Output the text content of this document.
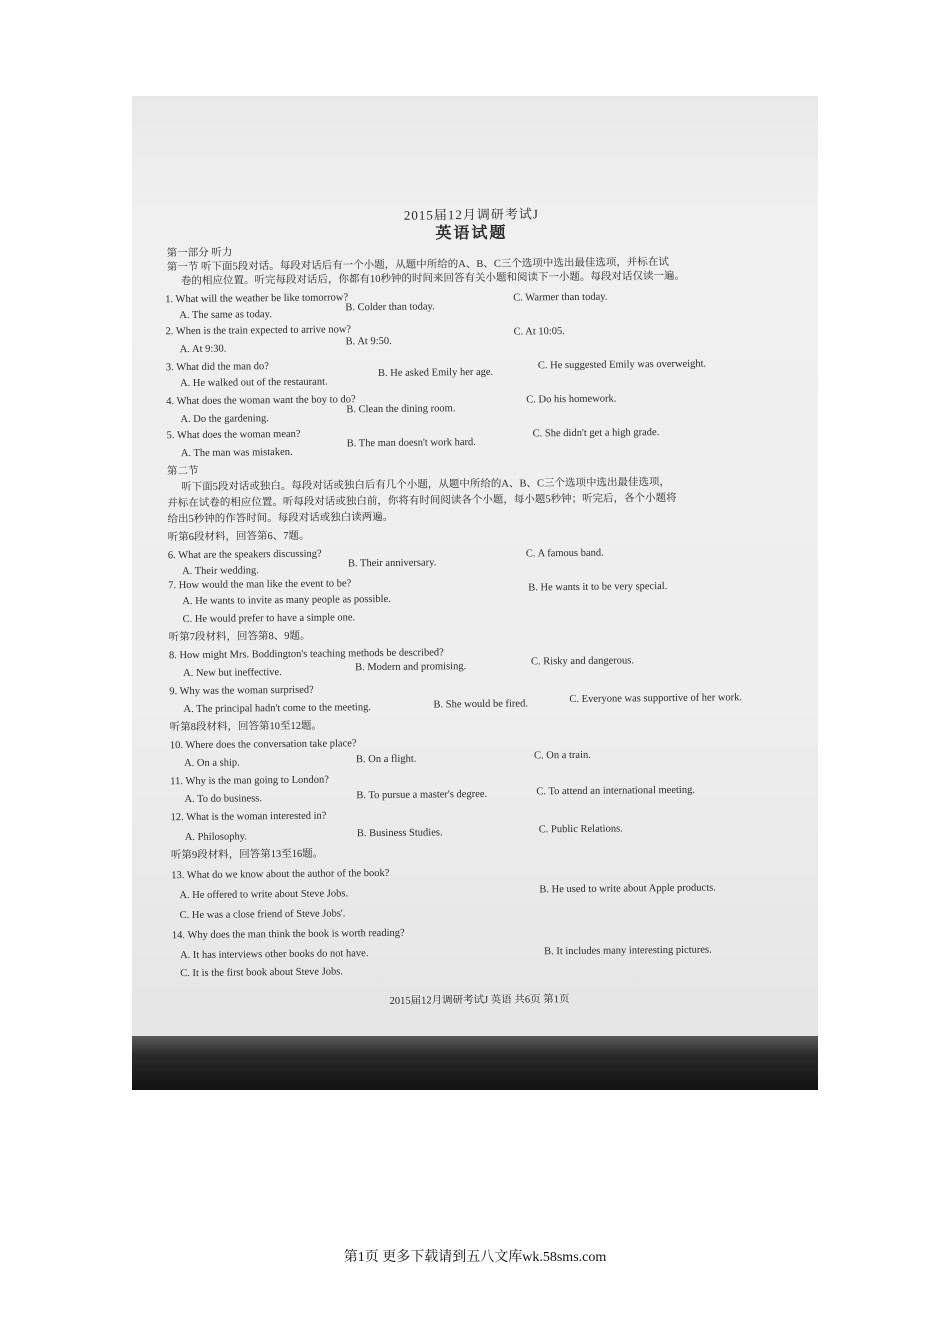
2015届12月调研考试J
英语试题
第一部分 听力
第一节 听下面5段对话。每段对话后有一个小题，从题中所给的A、B、C三个选项中选出最佳选项，并标在试
卷的相应位置。听完每段对话后，你都有10秒钟的时间来回答有关小题和阅读下一小题。每段对话仅读一遍。
1. What will the weather be like tomorrow?
A. The same as today.
B. Colder than today.
C. Warmer than today.
2. When is the train expected to arrive now?
A. At 9:30.
B. At 9:50.
C. At 10:05.
3. What did the man do?
A. He walked out of the restaurant.
B. He asked Emily her age.
C. He suggested Emily was overweight.
4. What does the woman want the boy to do?
A. Do the gardening.
B. Clean the dining room.
C. Do his homework.
5. What does the woman mean?
A. The man was mistaken.
B. The man doesn't work hard.
C. She didn't get a high grade.
第二节
听下面5段对话或独白。每段对话或独白后有几个小题，从题中所给的A、B、C三个选项中选出最佳选项，
并标在试卷的相应位置。听每段对话或独白前，你将有时间阅读各个小题，每小题5秒钟；听完后，各个小题将
给出5秒钟的作答时间。每段对话或独白读两遍。
听第6段材料，回答第6、7题。
6. What are the speakers discussing?
A. Their wedding.
B. Their anniversary.
C. A famous band.
7. How would the man like the event to be?
A. He wants to invite as many people as possible.
B. He wants it to be very special.
C. He would prefer to have a simple one.
听第7段材料，回答第8、9题。
8. How might Mrs. Boddington's teaching methods be described?
A. New but ineffective.	B. Modern and promising.	C. Risky and dangerous.
9. Why was the woman surprised?
A. The principal hadn't come to the meeting.	B. She would be fired.	C. Everyone was supportive of her work.
听第8段材料，回答第10至12题。
10. Where does the conversation take place?
A. On a ship.	B. On a flight.	C. On a train.
11. Why is the man going to London?
A. To do business.	B. To pursue a master's degree.	C. To attend an international meeting.
12. What is the woman interested in?
A. Philosophy.	B. Business Studies.	C. Public Relations.
听第9段材料，回答第13至16题。
13. What do we know about the author of the book?
A. He offered to write about Steve Jobs.	B. He used to write about Apple products.
C. He was a close friend of Steve Jobs'.
14. Why does the man think the book is worth reading?
A. It has interviews other books do not have.	B. It includes many interesting pictures.
C. It is the first book about Steve Jobs.
2015届12月调研考试J 英语 共6页 第1页
第1页 更多下载请到五八文库wk.58sms.com
